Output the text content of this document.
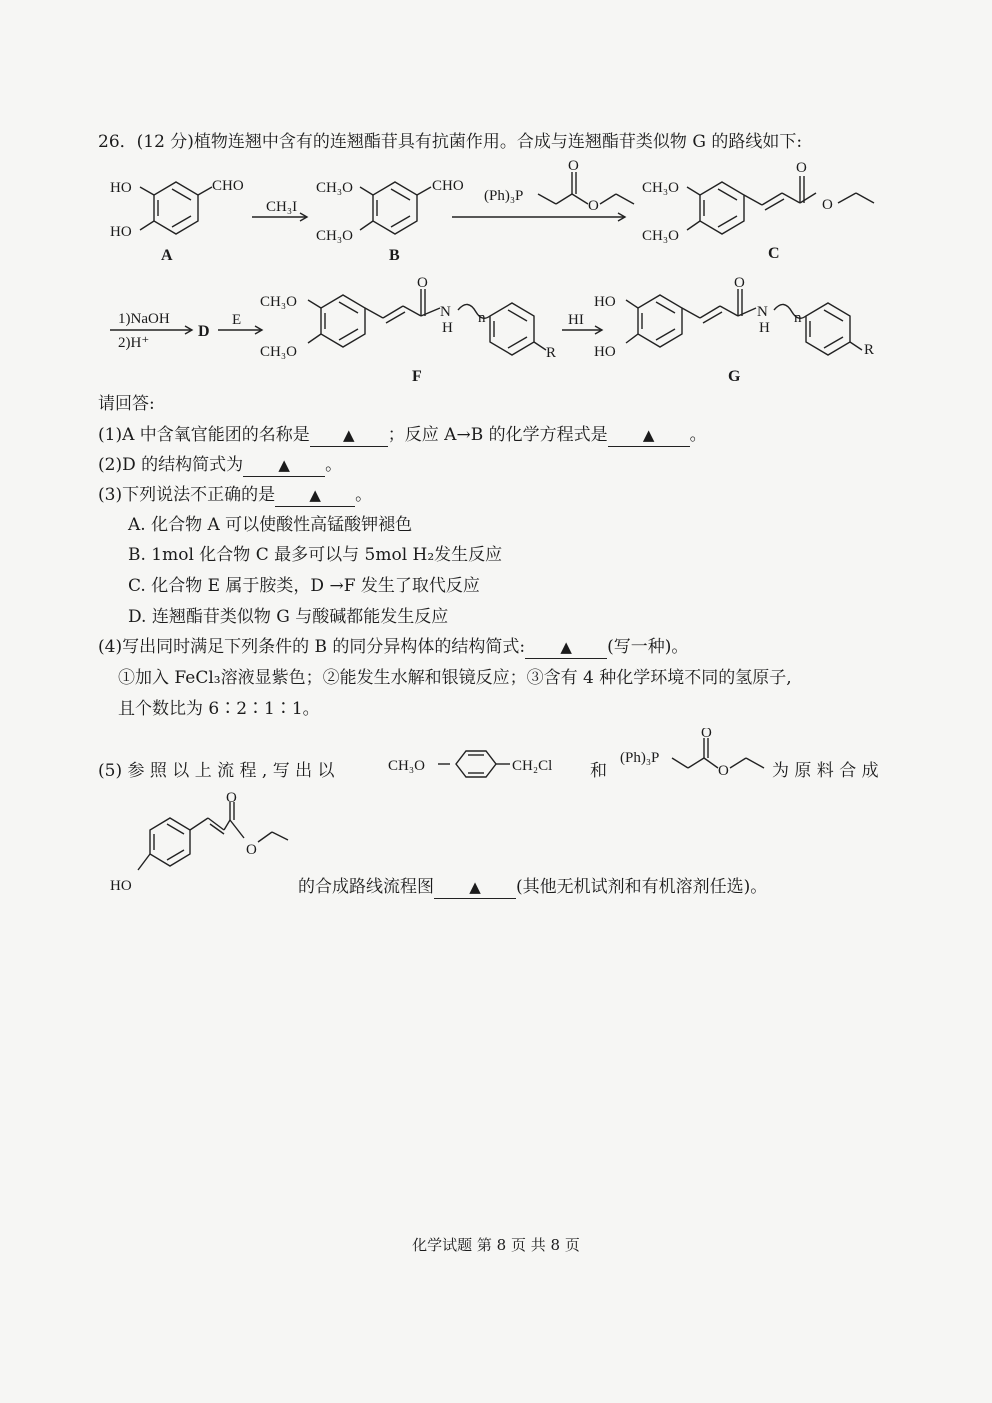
26．(12 分)植物连翘中含有的连翘酯苷具有抗菌作用。合成与连翘酯苷类似物 G 的路线如下:
HO
HO
CHO
A
CH₃I
CH₃O
CH₃O
CHO
B
(Ph)₃P
O
O
CH₃O
CH₃O
O
O
C
1)NaOH
2)H⁺
D
E
CH₃O
CH₃O
O
N
H
n
R
F
HI
HO
HO
O
N
H
n
R
G
请回答:
(1)A 中含氧官能团的名称是 ▲ ；反应 A→B 的化学方程式是 ▲ 。
(2)D 的结构简式为 ▲ 。
(3)下列说法不正确的是 ▲ 。
A. 化合物 A 可以使酸性高锰酸钾褪色
B. 1mol 化合物 C 最多可以与 5mol H₂发生反应
C. 化合物 E 属于胺类，D →F 发生了取代反应
D. 连翘酯苷类似物 G 与酸碱都能发生反应
(4)写出同时满足下列条件的 B 的同分异构体的结构简式: ▲ (写一种)。
①加入 FeCl₃溶液显紫色；②能发生水解和银镜反应；③含有 4 种化学环境不同的氢原子,
且个数比为 6∶2∶1∶1。
(5) 参 照 以 上 流 程 , 写 出 以	CH₃O	CH₂Cl 和
(Ph)₃P
O
O	为 原 料 合 成
O
O
HO	的合成路线流程图 ▲ (其他无机试剂和有机溶剂任选)。
化学试题 第 8 页 共 8 页
